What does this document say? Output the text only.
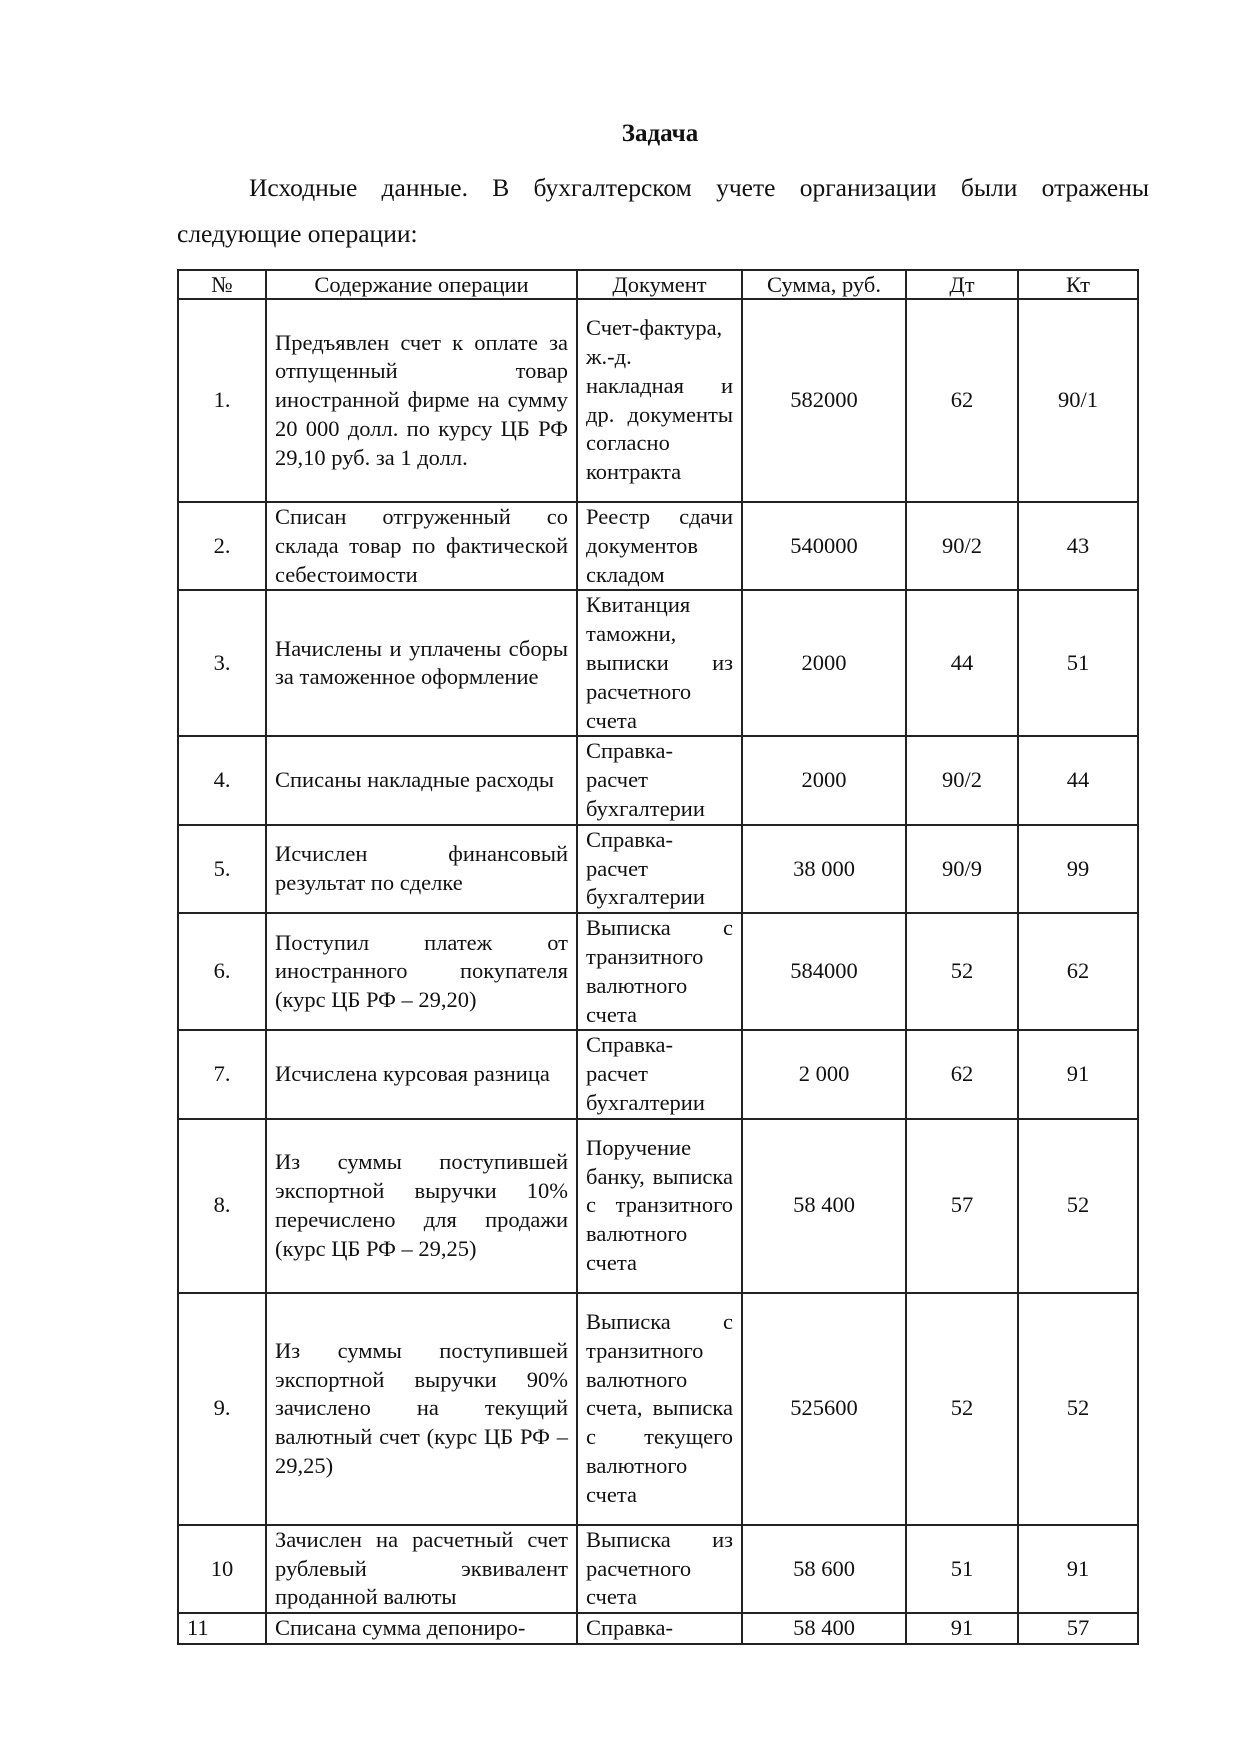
Задача

Исходные данные. В бухгалтерском учете организации были отражены следующие операции:

№	Содержание операции	Документ	Сумма, руб.	Дт	Кт
1.	Предъявлен счет к оплате за отпущенный товар иностранной фирме на сумму 20 000 долл. по курсу ЦБ РФ 29,10 руб. за 1 долл.	Счет-фактура, ж.-д. накладная и др. документы согласно контракта	582000	62	90/1
2.	Списан отгруженный со склада товар по фактической себестоимости	Реестр сдачи документов складом	540000	90/2	43
3.	Начислены и уплачены сборы за таможенное оформление	Квитанция таможни, выписки из расчетного счета	2000	44	51
4.	Списаны накладные расходы	Справка-расчет бухгалтерии	2000	90/2	44
5.	Исчислен финансовый результат по сделке	Справка-расчет бухгалтерии	38 000	90/9	99
6.	Поступил платеж от иностранного покупателя (курс ЦБ РФ – 29,20)	Выписка с транзитного валютного счета	584000	52	62
7.	Исчислена курсовая разница	Справка-расчет бухгалтерии	2 000	62	91
8.	Из суммы поступившей экспортной выручки 10% перечислено для продажи (курс ЦБ РФ – 29,25)	Поручение банку, выписка с транзитного валютного счета	58 400	57	52
9.	Из суммы поступившей экспортной выручки 90% зачислено на текущий валютный счет (курс ЦБ РФ – 29,25)	Выписка с транзитного валютного счета, выписка с текущего валютного счета	525600	52	52
10	Зачислен на расчетный счет рублевый эквивалент проданной валюты	Выписка из расчетного счета	58 600	51	91
11	Списана сумма депониро-	Справка-	58 400	91	57
